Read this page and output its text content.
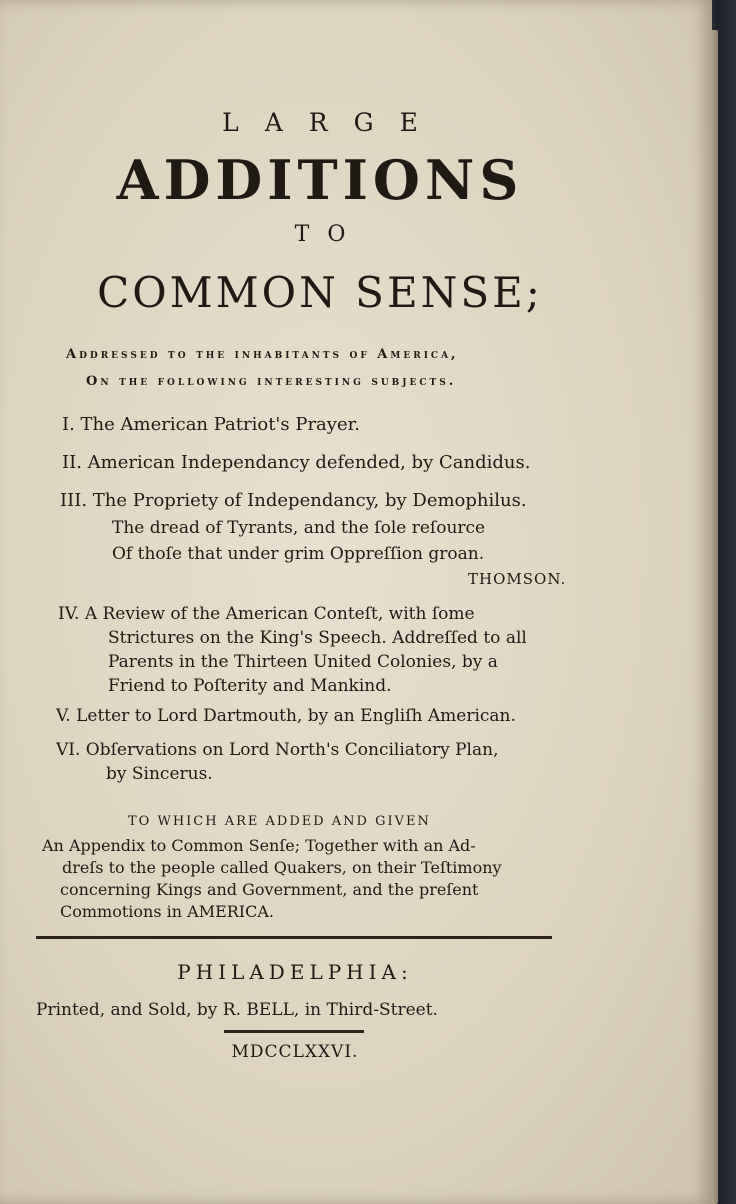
LARGE
ADDITIONS
TO
COMMON SENSE;
Addressed to the inhabitants of America,
On the following interesting subjects.
I. The American Patriot's Prayer.
II. American Independancy defended, by Candidus.
III. The Propriety of Independancy, by Demophilus.
The dread of Tyrants, and the ſole reſource
Of thoſe that under grim Oppreſſion groan.
THOMSON.
IV. A Review of the American Conteſt, with ſome
Strictures on the King's Speech. Addreſſed to all
Parents in the Thirteen United Colonies, by a
Friend to Poſterity and Mankind.
V. Letter to Lord Dartmouth, by an Engliſh American.
VI. Obſervations on Lord North's Conciliatory Plan,
by Sincerus.
TO WHICH ARE ADDED AND GIVEN
An Appendix to Common Senſe; Together with an Ad-
dreſs to the people called Quakers, on their Teſtimony
concerning Kings and Government, and the preſent
Commotions in AMERICA.
PHILADELPHIA:
Printed, and Sold, by R. BELL, in Third-Street.
MDCCLXXVI.
